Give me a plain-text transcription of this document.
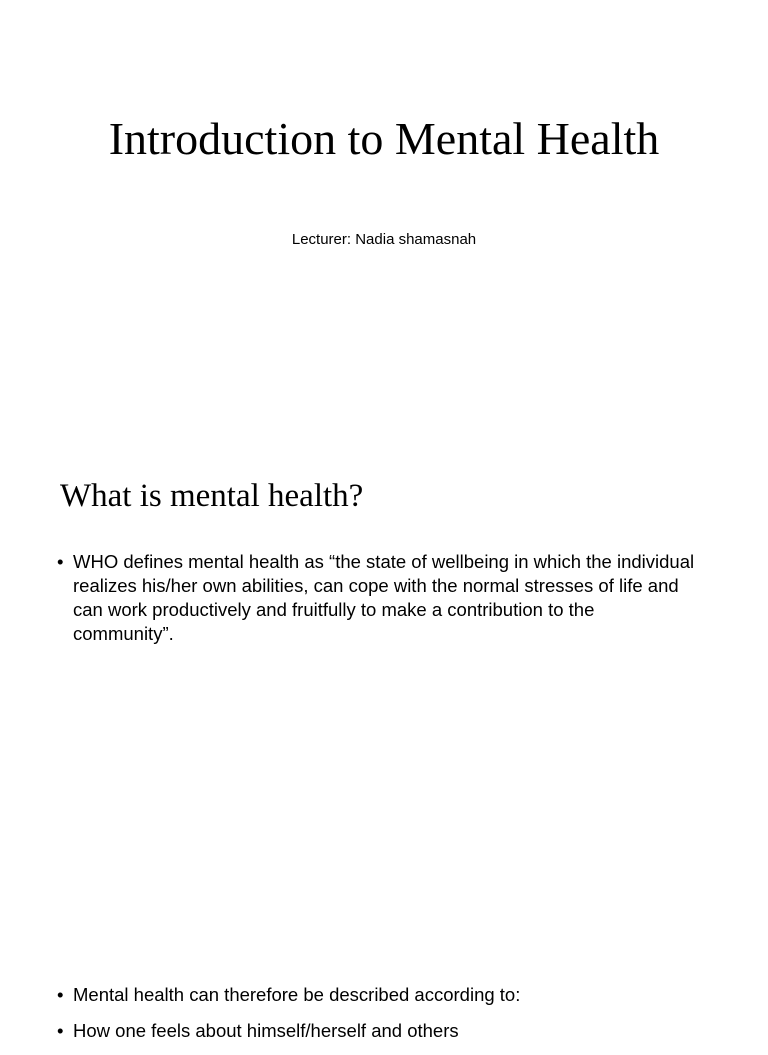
Introduction to Mental Health

Lecturer: Nadia shamasnah

What is mental health?
• WHO defines mental health as “the state of wellbeing in which the individual realizes his/her own abilities, can cope with the normal stresses of life and can work productively and fruitfully to make a contribution to the community”.
• Mental health can therefore be described according to:
• How one feels about himself/herself and others
